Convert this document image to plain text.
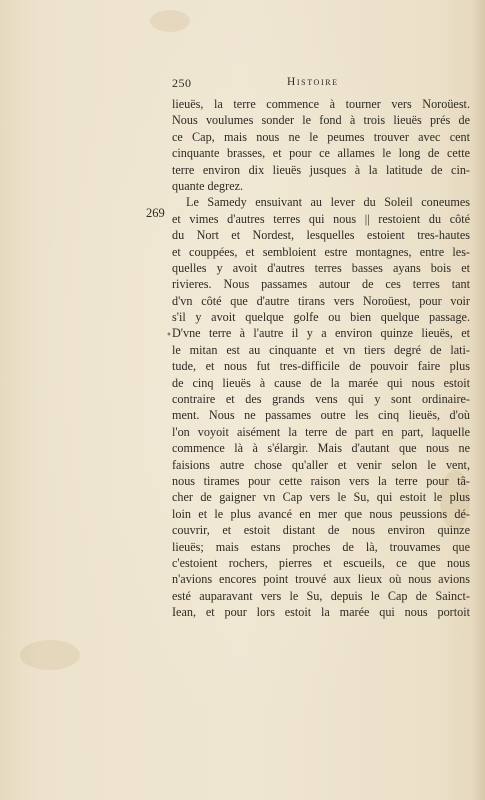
250	Histoire
269
•
lieuës, la terre commence à tourner vers Noroüest.
Nous voulumes sonder le fond à trois lieuës prés de
ce Cap, mais nous ne le peumes trouver avec cent
cinquante brasses, et pour ce allames le long de cette
terre environ dix lieuës jusques à la latitude de cin-
quante degrez.
Le Samedy ensuivant au lever du Soleil coneumes
et vimes d'autres terres qui nous || restoient du côté
du Nort et Nordest, lesquelles estoient tres-hautes
et couppées, et sembloient estre montagnes, entre les-
quelles y avoit d'autres terres basses ayans bois et
rivieres. Nous passames autour de ces terres tant
d'vn côté que d'autre tirans vers Noroüest, pour voir
s'il y avoit quelque golfe ou bien quelque passage.
D'vne terre à l'autre il y a environ quinze lieuës, et
le mitan est au cinquante et vn tiers degré de lati-
tude, et nous fut tres-difficile de pouvoir faire plus
de cinq lieuës à cause de la marée qui nous estoit
contraire et des grands vens qui y sont ordinaire-
ment. Nous ne passames outre les cinq lieuës, d'où
l'on voyoit aisément la terre de part en part, laquelle
commence là à s'élargir. Mais d'autant que nous ne
faisions autre chose qu'aller et venir selon le vent,
nous tirames pour cette raison vers la terre pour tâ-
cher de gaigner vn Cap vers le Su, qui estoit le plus
loin et le plus avancé en mer que nous peussions dé-
couvrir, et estoit distant de nous environ quinze
lieuës; mais estans proches de là, trouvames que
c'estoient rochers, pierres et escueils, ce que nous
n'avions encores point trouvé aux lieux où nous avions
esté auparavant vers le Su, depuis le Cap de Sainct-
Iean, et pour lors estoit la marée qui nous portoit
